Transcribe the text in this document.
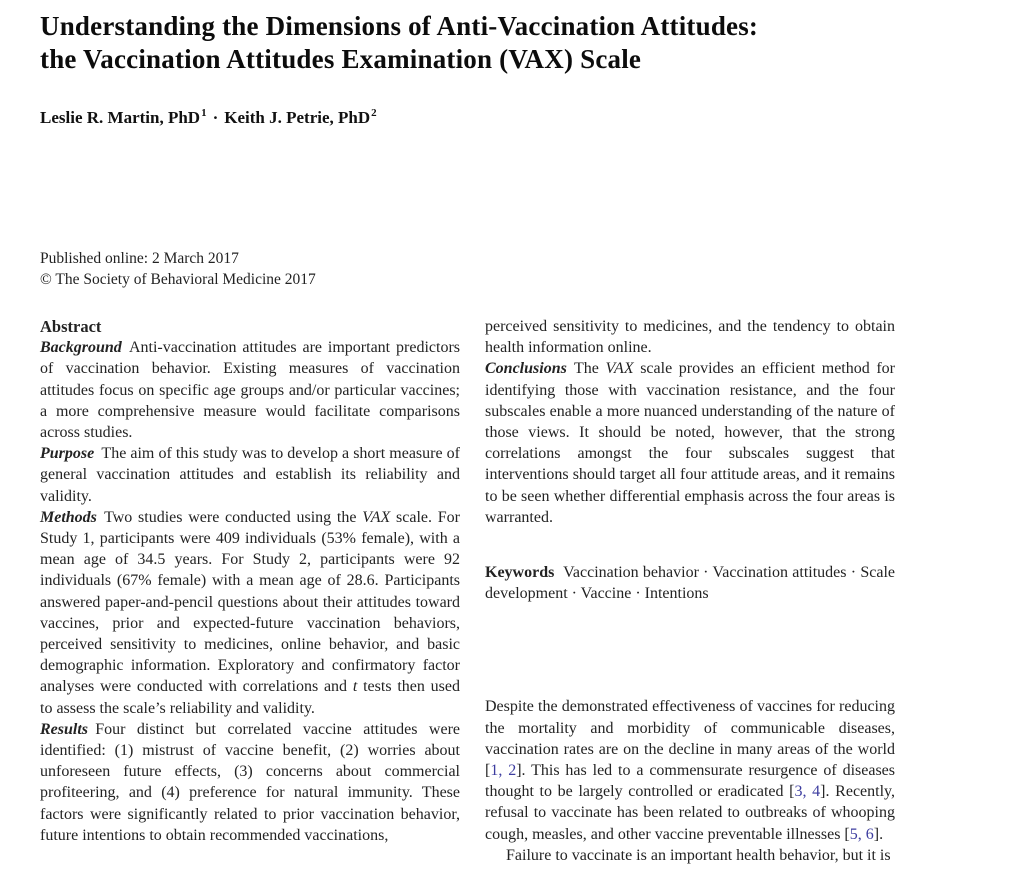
Understanding the Dimensions of Anti-Vaccination Attitudes:
the Vaccination Attitudes Examination (VAX) Scale
Leslie R. Martin, PhD$^1$ · Keith J. Petrie, PhD$^2$
Published online: 2 March 2017
© The Society of Behavioral Medicine 2017
Abstract

Background Anti-vaccination attitudes are important predictors of vaccination behavior. Existing measures of vaccination attitudes focus on specific age groups and/or particular vaccines; a more comprehensive measure would facilitate comparisons across studies.

Purpose The aim of this study was to develop a short measure of general vaccination attitudes and establish its reliability and validity.

Methods Two studies were conducted using the VAX scale. For Study 1, participants were 409 individuals (53% female), with a mean age of 34.5 years. For Study 2, participants were 92 individuals (67% female) with a mean age of 28.6. Participants answered paper-and-pencil questions about their attitudes toward vaccines, prior and expected-future vaccination behaviors, perceived sensitivity to medicines, online behavior, and basic demographic information. Exploratory and confirmatory factor analyses were conducted with correlations and t tests then used to assess the scale’s reliability and validity.

Results Four distinct but correlated vaccine attitudes were identified: (1) mistrust of vaccine benefit, (2) worries about unforeseen future effects, (3) concerns about commercial profiteering, and (4) preference for natural immunity. These factors were significantly related to prior vaccination behavior, future intentions to obtain recommended vaccinations,

perceived sensitivity to medicines, and the tendency to obtain health information online.

Conclusions The VAX scale provides an efficient method for identifying those with vaccination resistance, and the four subscales enable a more nuanced understanding of the nature of those views. It should be noted, however, that the strong correlations amongst the four subscales suggest that interventions should target all four attitude areas, and it remains to be seen whether differential emphasis across the four areas is warranted.

Keywords Vaccination behavior · Vaccination attitudes · Scale development · Vaccine · Intentions

Despite the demonstrated effectiveness of vaccines for reducing the mortality and morbidity of communicable diseases, vaccination rates are on the decline in many areas of the world [1, 2]. This has led to a commensurate resurgence of diseases thought to be largely controlled or eradicated [3, 4]. Recently, refusal to vaccinate has been related to outbreaks of whooping cough, measles, and other vaccine preventable illnesses [5, 6].

Failure to vaccinate is an important health behavior, but it is
